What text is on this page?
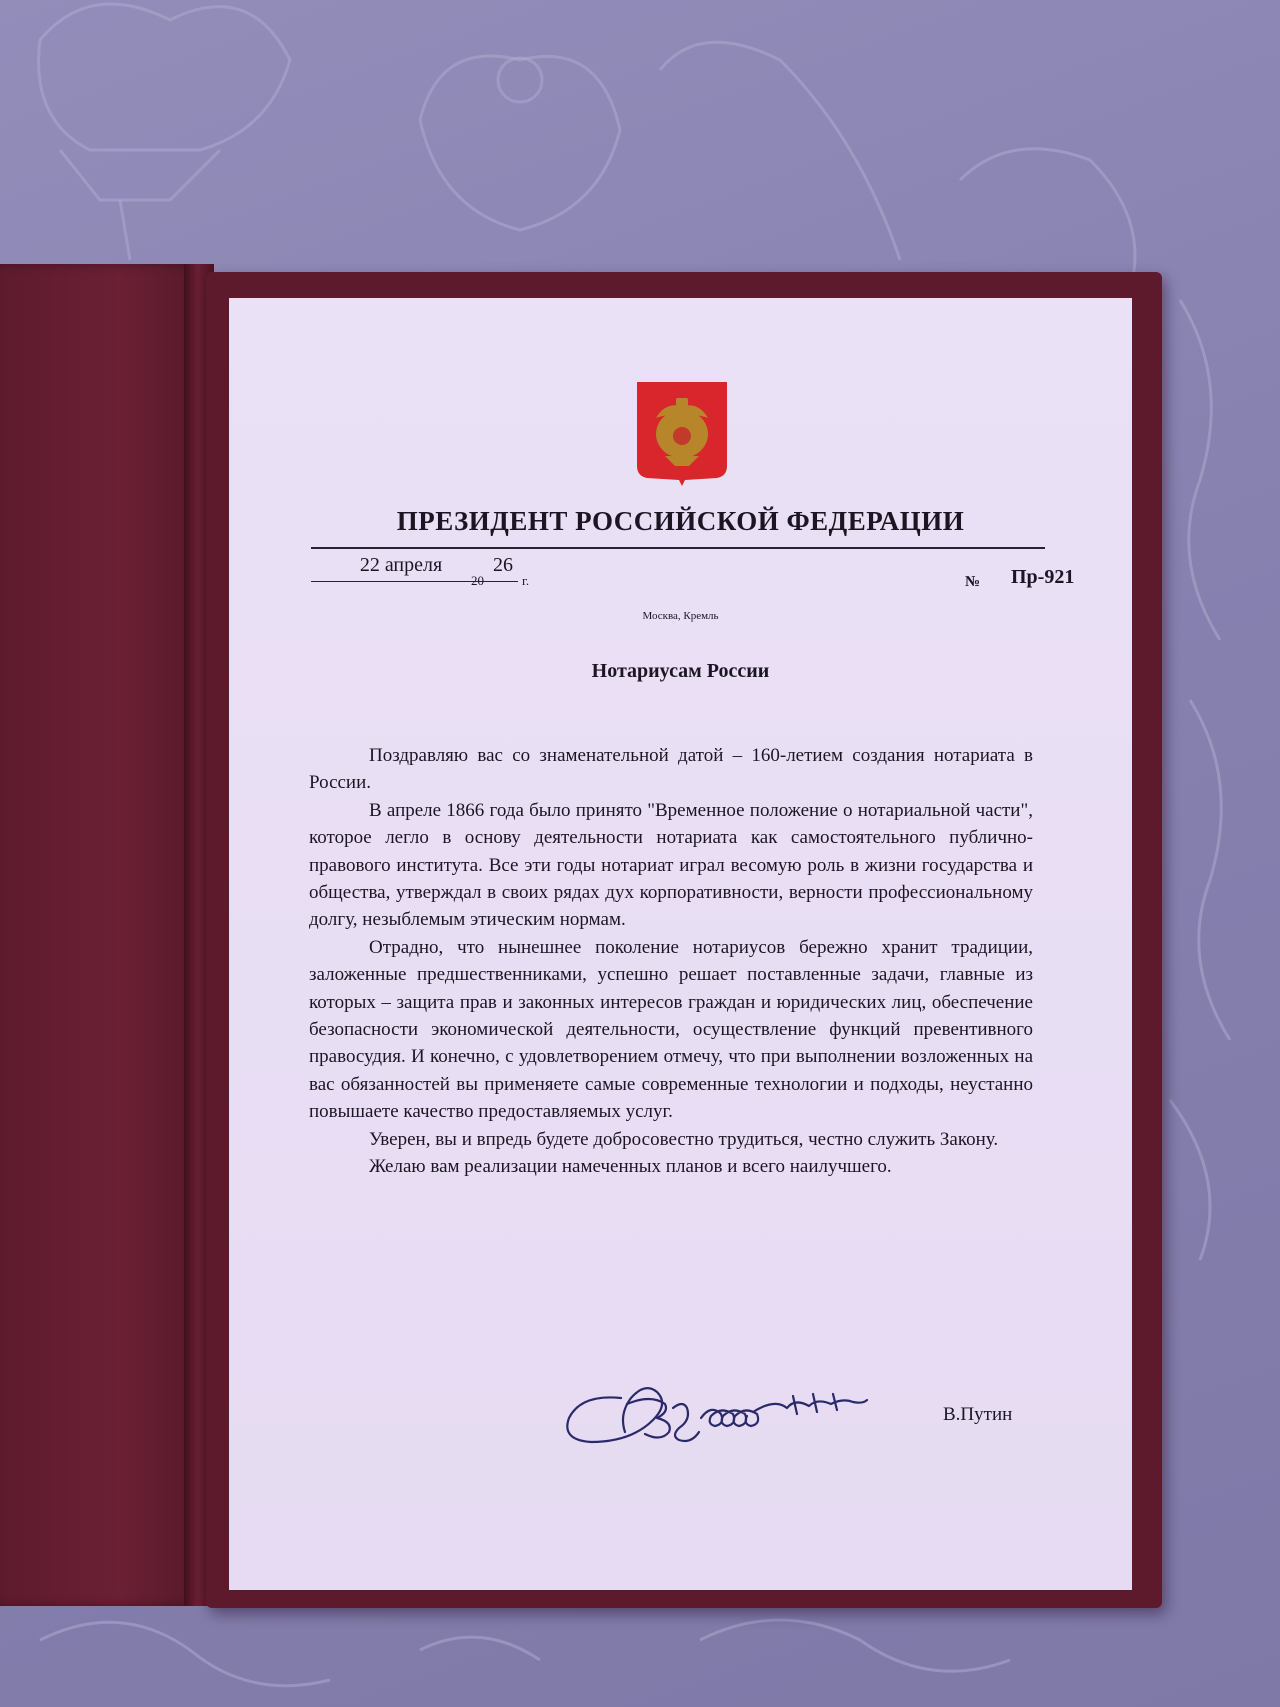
ПРЕЗИДЕНТ РОССИЙСКОЙ ФЕДЕРАЦИИ
22 апреля
20
26
г.	№ Пр-921
Москва, Кремль
Нотариусам России

Поздравляю вас со знаменательной датой – 160-летием создания нотариата в России.

В апреле 1866 года было принято "Временное положение о нотариальной части", которое легло в основу деятельности нотариата как самостоятельного публично-правового института. Все эти годы нотариат играл весомую роль в жизни государства и общества, утверждал в своих рядах дух корпоративности, верности профессиональному долгу, незыблемым этическим нормам.

Отрадно, что нынешнее поколение нотариусов бережно хранит традиции, заложенные предшественниками, успешно решает поставленные задачи, главные из которых – защита прав и законных интересов граждан и юридических лиц, обеспечение безопасности экономической деятельности, осуществление функций превентивного правосудия. И конечно, с удовлетворением отмечу, что при выполнении возложенных на вас обязанностей вы применяете самые современные технологии и подходы, неустанно повышаете качество предоставляемых услуг.

Уверен, вы и впредь будете добросовестно трудиться, честно служить Закону.

Желаю вам реализации намеченных планов и всего наилучшего.

В.Путин
